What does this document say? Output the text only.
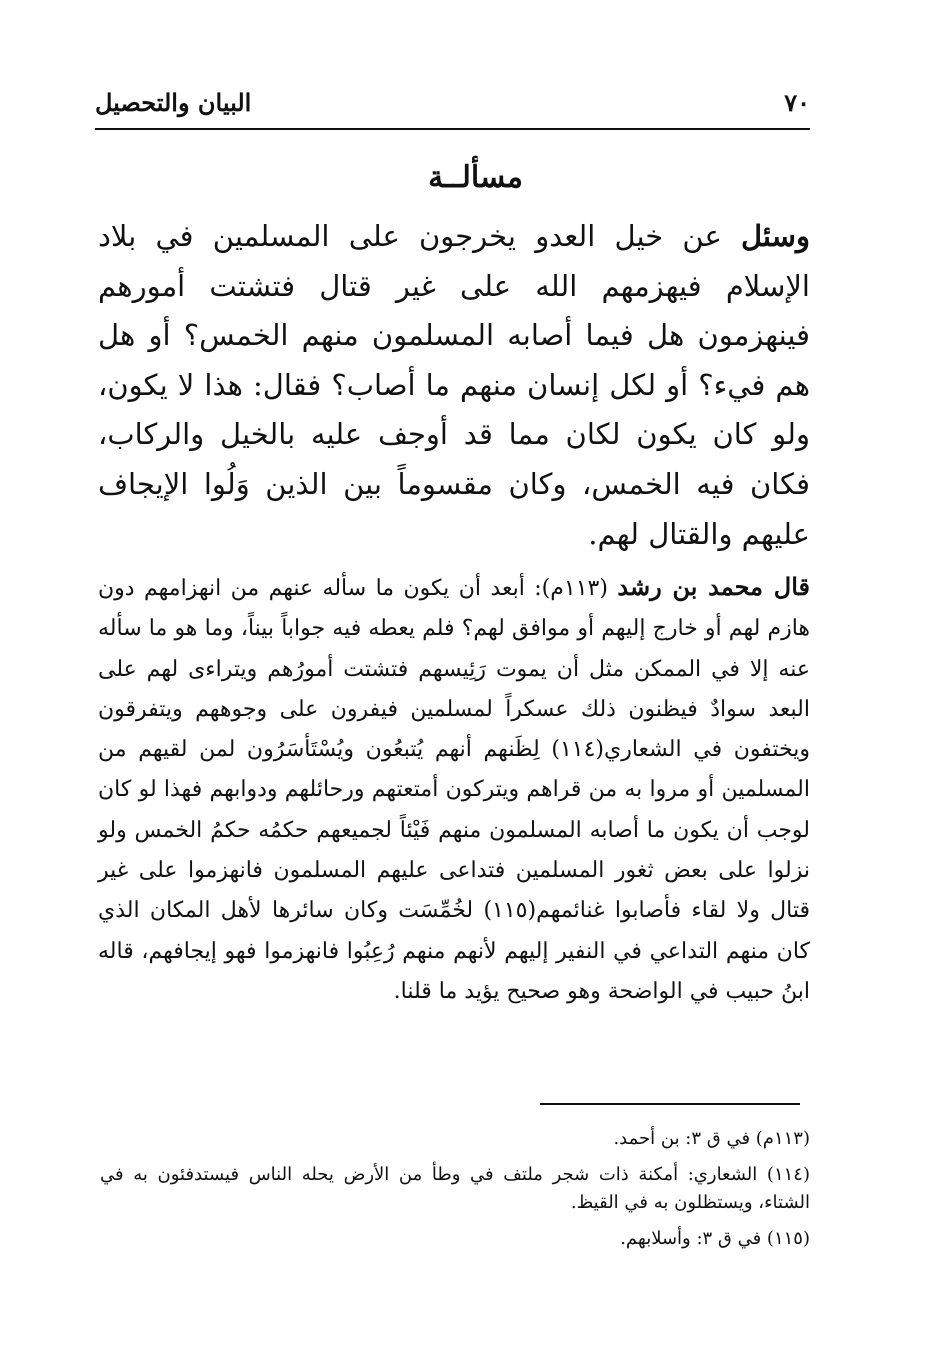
٧٠
البيان والتحصيل
مسألــة

وسئل عن خيل العدو يخرجون على المسلمين في بلاد الإسلام فيهزمهم الله على غير قتال فتشتت أمورهم فينهزمون هل فيما أصابه المسلمون منهم الخمس؟ أو هل هم فيء؟ أو لكل إنسان منهم ما أصاب؟ فقال: هذا لا يكون، ولو كان يكون لكان مما قد أوجف عليه بالخيل والركاب، فكان فيه الخمس، وكان مقسوماً بين الذين وَلُوا الإيجاف عليهم والقتال لهم.

قال محمد بن رشد (١١٣م): أبعد أن يكون ما سأله عنهم من انهزامهم دون هازم لهم أو خارج إليهم أو موافق لهم؟ فلم يعطه فيه جواباً بيناً، وما هو ما سأله عنه إلا في الممكن مثل أن يموت رَئِيسهم فتشتت أمورُهم ويتراءى لهم على البعد سوادٌ فيظنون ذلك عسكراً لمسلمين فيفرون على وجوههم ويتفرقون ويختفون في الشعاري(١١٤) لِظَنهم أنهم يُتبعُون ويُسْتَأسَرُون لمن لقيهم من المسلمين أو مروا به من قراهم ويتركون أمتعتهم ورحائلهم ودوابهم فهذا لو كان لوجب أن يكون ما أصابه المسلمون منهم فَيْئاً لجميعهم حكمُه حكمُ الخمس ولو نزلوا على بعض ثغور المسلمين فتداعى عليهم المسلمون فانهزموا على غير قتال ولا لقاء فأصابوا غنائمهم(١١٥) لخُمِّسَت وكان سائرها لأهل المكان الذي كان منهم التداعي في النفير إليهم لأنهم منهم رُعِبُوا فانهزموا فهو إيجافهم، قاله ابنُ حبيب في الواضحة وهو صحيح يؤيد ما قلنا.

(١١٣م) في ق ٣: بن أحمد.
(١١٤) الشعاري: أمكنة ذات شجر ملتف في وطأ من الأرض يحله الناس فيستدفئون به في الشتاء، ويستظلون به في القيظ.
(١١٥) في ق ٣: وأسلابهم.
